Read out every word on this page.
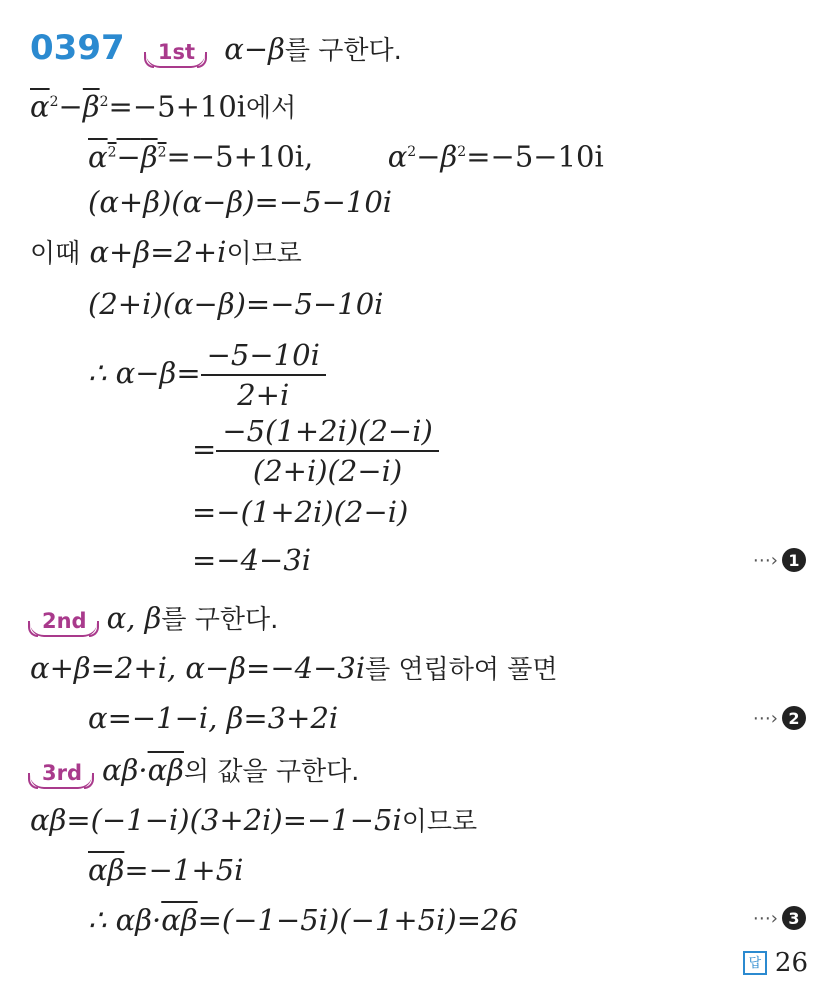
0397 1st α−β를 구한다.
$\overline{\alpha}^2-\overline{\beta}^2=-5+10i$에서
$\alpha^2-\beta^2=-5+10i$,	$\alpha^2-\beta^2=-5-10i$
(α+β)(α−β)=−5−10i
이때 α+β=2+i이므로
(2+i)(α−β)=−5−10i
∴ $\alpha-\beta= \frac{-5-10i}{2+i}$
= $\frac{-5(1+2i)(2-i)}{(2+i)(2-i)}$
=−(1+2i)(2−i)
=−4−3i	⋯› 1
2nd α, β를 구한다.
α+β=2+i, α−β=−4−3i를 연립하여 풀면
α=−1−i, β=3+2i	⋯› 2
3rd $\alpha\beta\cdot\overline{\alpha\beta}$의 값을 구한다.
αβ=(−1−i)(3+2i)=−1−5i이므로
$\overline{\alpha\beta}=-1+5i$
∴ $\alpha\beta\cdot\overline{\alpha\beta}=(-1-5i)(-1+5i)=26$	⋯› 3
답 26
